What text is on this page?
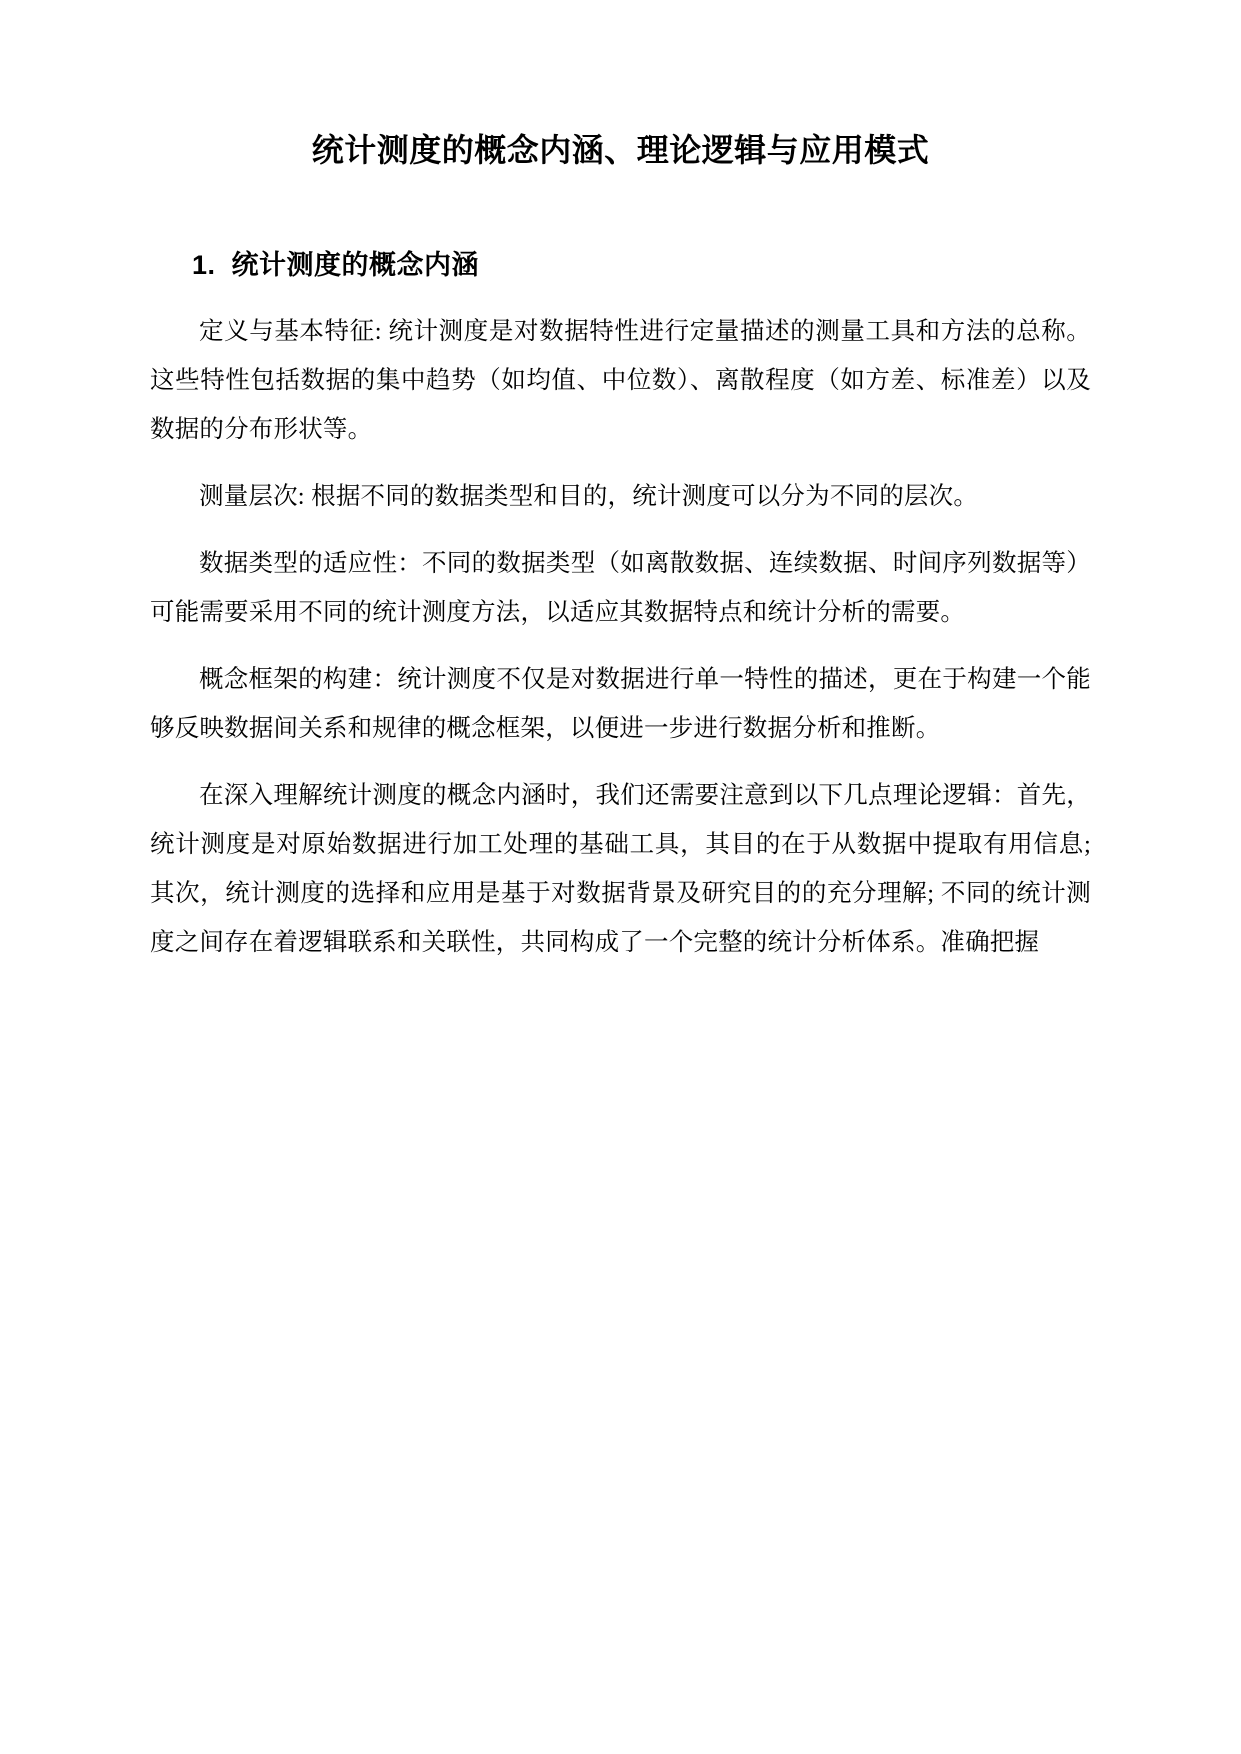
统计测度的概念内涵、理论逻辑与应用模式
1. 统计测度的概念内涵

定义与基本特征: 统计测度是对数据特性进行定量描述的测量工具和方法的总称。这些特性包括数据的集中趋势（如均值、中位数）、离散程度（如方差、标准差）以及数据的分布形状等。

测量层次: 根据不同的数据类型和目的，统计测度可以分为不同的层次。

数据类型的适应性：不同的数据类型（如离散数据、连续数据、时间序列数据等）可能需要采用不同的统计测度方法，以适应其数据特点和统计分析的需要。

概念框架的构建：统计测度不仅是对数据进行单一特性的描述，更在于构建一个能够反映数据间关系和规律的概念框架，以便进一步进行数据分析和推断。

在深入理解统计测度的概念内涵时，我们还需要注意到以下几点理论逻辑：首先，统计测度是对原始数据进行加工处理的基础工具，其目的在于从数据中提取有用信息; 其次，统计测度的选择和应用是基于对数据背景及研究目的的充分理解; 不同的统计测度之间存在着逻辑联系和关联性，共同构成了一个完整的统计分析体系。准确把握
